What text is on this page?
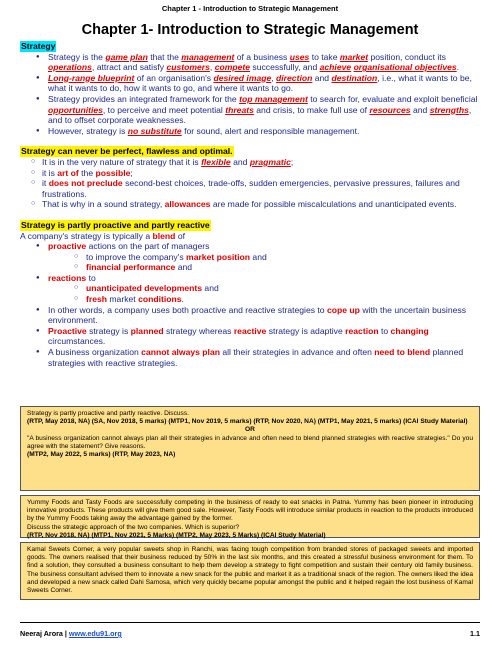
Chapter 1 - Introduction to Strategic Management
Chapter 1- Introduction to Strategic Management
Strategy
● Strategy is the game plan that the management of a business uses to take market position, conduct its operations, attract and satisfy customers, compete successfully, and achieve organisational objectives.
● Long-range blueprint of an organisation's desired image, direction and destination, i.e., what it wants to be, what it wants to do, how it wants to go, and where it wants to go.
● Strategy provides an integrated framework for the top management to search for, evaluate and exploit beneficial opportunities, to perceive and meet potential threats and crisis, to make full use of resources and strengths, and to offset corporate weaknesses.
● However, strategy is no substitute for sound, alert and responsible management.
Strategy can never be perfect, flawless and optimal.
○ It is in the very nature of strategy that it is flexible and pragmatic;
○ it is art of the possible;
○ it does not preclude second-best choices, trade-offs, sudden emergencies, pervasive pressures, failures and frustrations.
○ That is why in a sound strategy, allowances are made for possible miscalculations and unanticipated events.
Strategy is partly proactive and partly reactive
A company's strategy is typically a blend of
● proactive actions on the part of managers
○ to improve the company's market position and
○ financial performance and
● reactions to
○ unanticipated developments and
○ fresh market conditions.
● In other words, a company uses both proactive and reactive strategies to cope up with the uncertain business environment.
● Proactive strategy is planned strategy whereas reactive strategy is adaptive reaction to changing circumstances.
● A business organization cannot always plan all their strategies in advance and often need to blend planned strategies with reactive strategies.

Strategy is partly proactive and partly reactive. Discuss.

(RTP, May 2018, NA) (SA, Nov 2018, 5 marks) (MTP1, Nov 2019, 5 marks) (RTP, Nov 2020, NA) (MTP1, May 2021, 5 marks) (ICAI Study Material)

OR

"A business organization cannot always plan all their strategies in advance and often need to blend planned strategies with reactive strategies." Do you agree with the statement? Give reasons.

(MTP2, May 2022, 5 marks) (RTP, May 2023, NA)

Yummy Foods and Tasty Foods are successfully competing in the business of ready to eat snacks in Patna. Yummy has been pioneer in introducing innovative products. These products will give them good sale. However, Tasty Foods will introduce similar products in reaction to the products introduced by the Yummy Foods taking away the advantage gained by the former.

Discuss the strategic approach of the two companies. Which is superior?

(RTP, Nov 2018, NA) (MTP1, Nov 2021, 5 Marks) (MTP2, May 2023, 5 Marks) (ICAI Study Material)

Kamal Sweets Corner, a very popular sweets shop in Ranchi, was facing tough competition from branded stores of packaged sweets and imported goods. The owners realised that their business reduced by 50% in the last six months, and this created a stressful business environment for them. To find a solution, they consulted a business consultant to help them develop a strategy to fight competition and sustain their century old family business. The business consultant advised them to innovate a new snack for the public and market it as a traditional snack of the region. The owners liked the idea and developed a new snack called Dahi Samosa, which very quickly became popular amongst the public and it helped regain the lost business of Kamal Sweets Corner.

Neeraj Arora | www.edu91.org	1.1
